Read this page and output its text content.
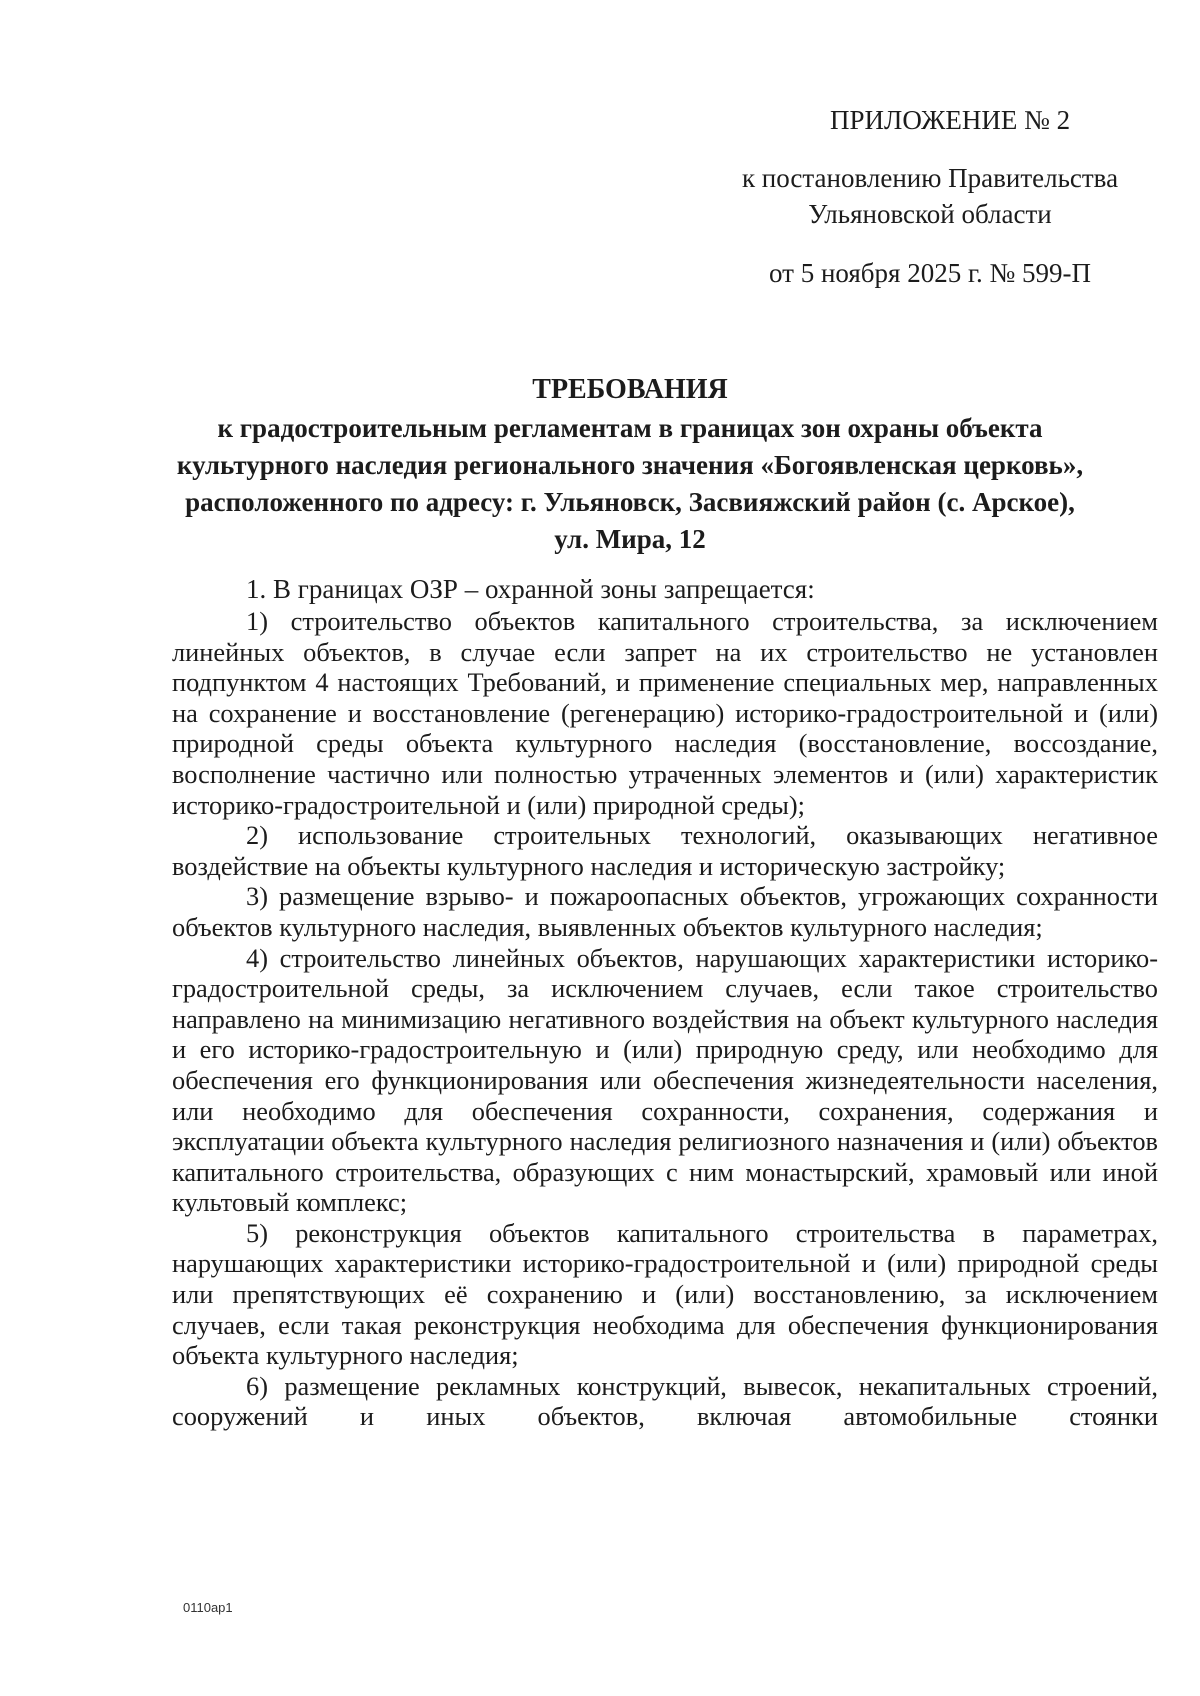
ПРИЛОЖЕНИЕ № 2
к постановлению Правительства
Ульяновской области
от 5 ноября 2025 г. № 599-П
ТРЕБОВАНИЯ
к градостроительным регламентам в границах зон охраны объекта
культурного наследия регионального значения «Богоявленская церковь»,
расположенного по адресу: г. Ульяновск, Засвияжский район (с. Арское),
ул. Мира, 12

1. В границах ОЗР – охранной зоны запрещается:

1) строительство объектов капитального строительства, за исключением линейных объектов, в случае если запрет на их строительство не установлен подпунктом 4 настоящих Требований, и применение специальных мер, направленных на сохранение и восстановление (регенерацию) историко-градостроительной и (или) природной среды объекта культурного наследия (восстановление, воссоздание, восполнение частично или полностью утраченных элементов и (или) характеристик историко-градостроительной и (или) природной среды);

2) использование строительных технологий, оказывающих негативное воздействие на объекты культурного наследия и историческую застройку;

3) размещение взрыво- и пожароопасных объектов, угрожающих сохранности объектов культурного наследия, выявленных объектов культурного наследия;

4) строительство линейных объектов, нарушающих характеристики историко-градостроительной среды, за исключением случаев, если такое строительство направлено на минимизацию негативного воздействия на объект культурного наследия и его историко-градостроительную и (или) природную среду, или необходимо для обеспечения его функционирования или обеспечения жизнедеятельности населения, или необходимо для обеспечения сохранности, сохранения, содержания и эксплуатации объекта культурного наследия религиозного назначения и (или) объектов капитального строительства, образующих с ним монастырский, храмовый или иной культовый комплекс;

5) реконструкция объектов капитального строительства в параметрах, нарушающих характеристики историко-градостроительной и (или) природной среды или препятствующих её сохранению и (или) восстановлению, за исключением случаев, если такая реконструкция необходима для обеспечения функционирования объекта культурного наследия;

6) размещение рекламных конструкций, вывесок, некапитальных строений, сооружений и иных объектов, включая автомобильные стоянки

0110ap1
